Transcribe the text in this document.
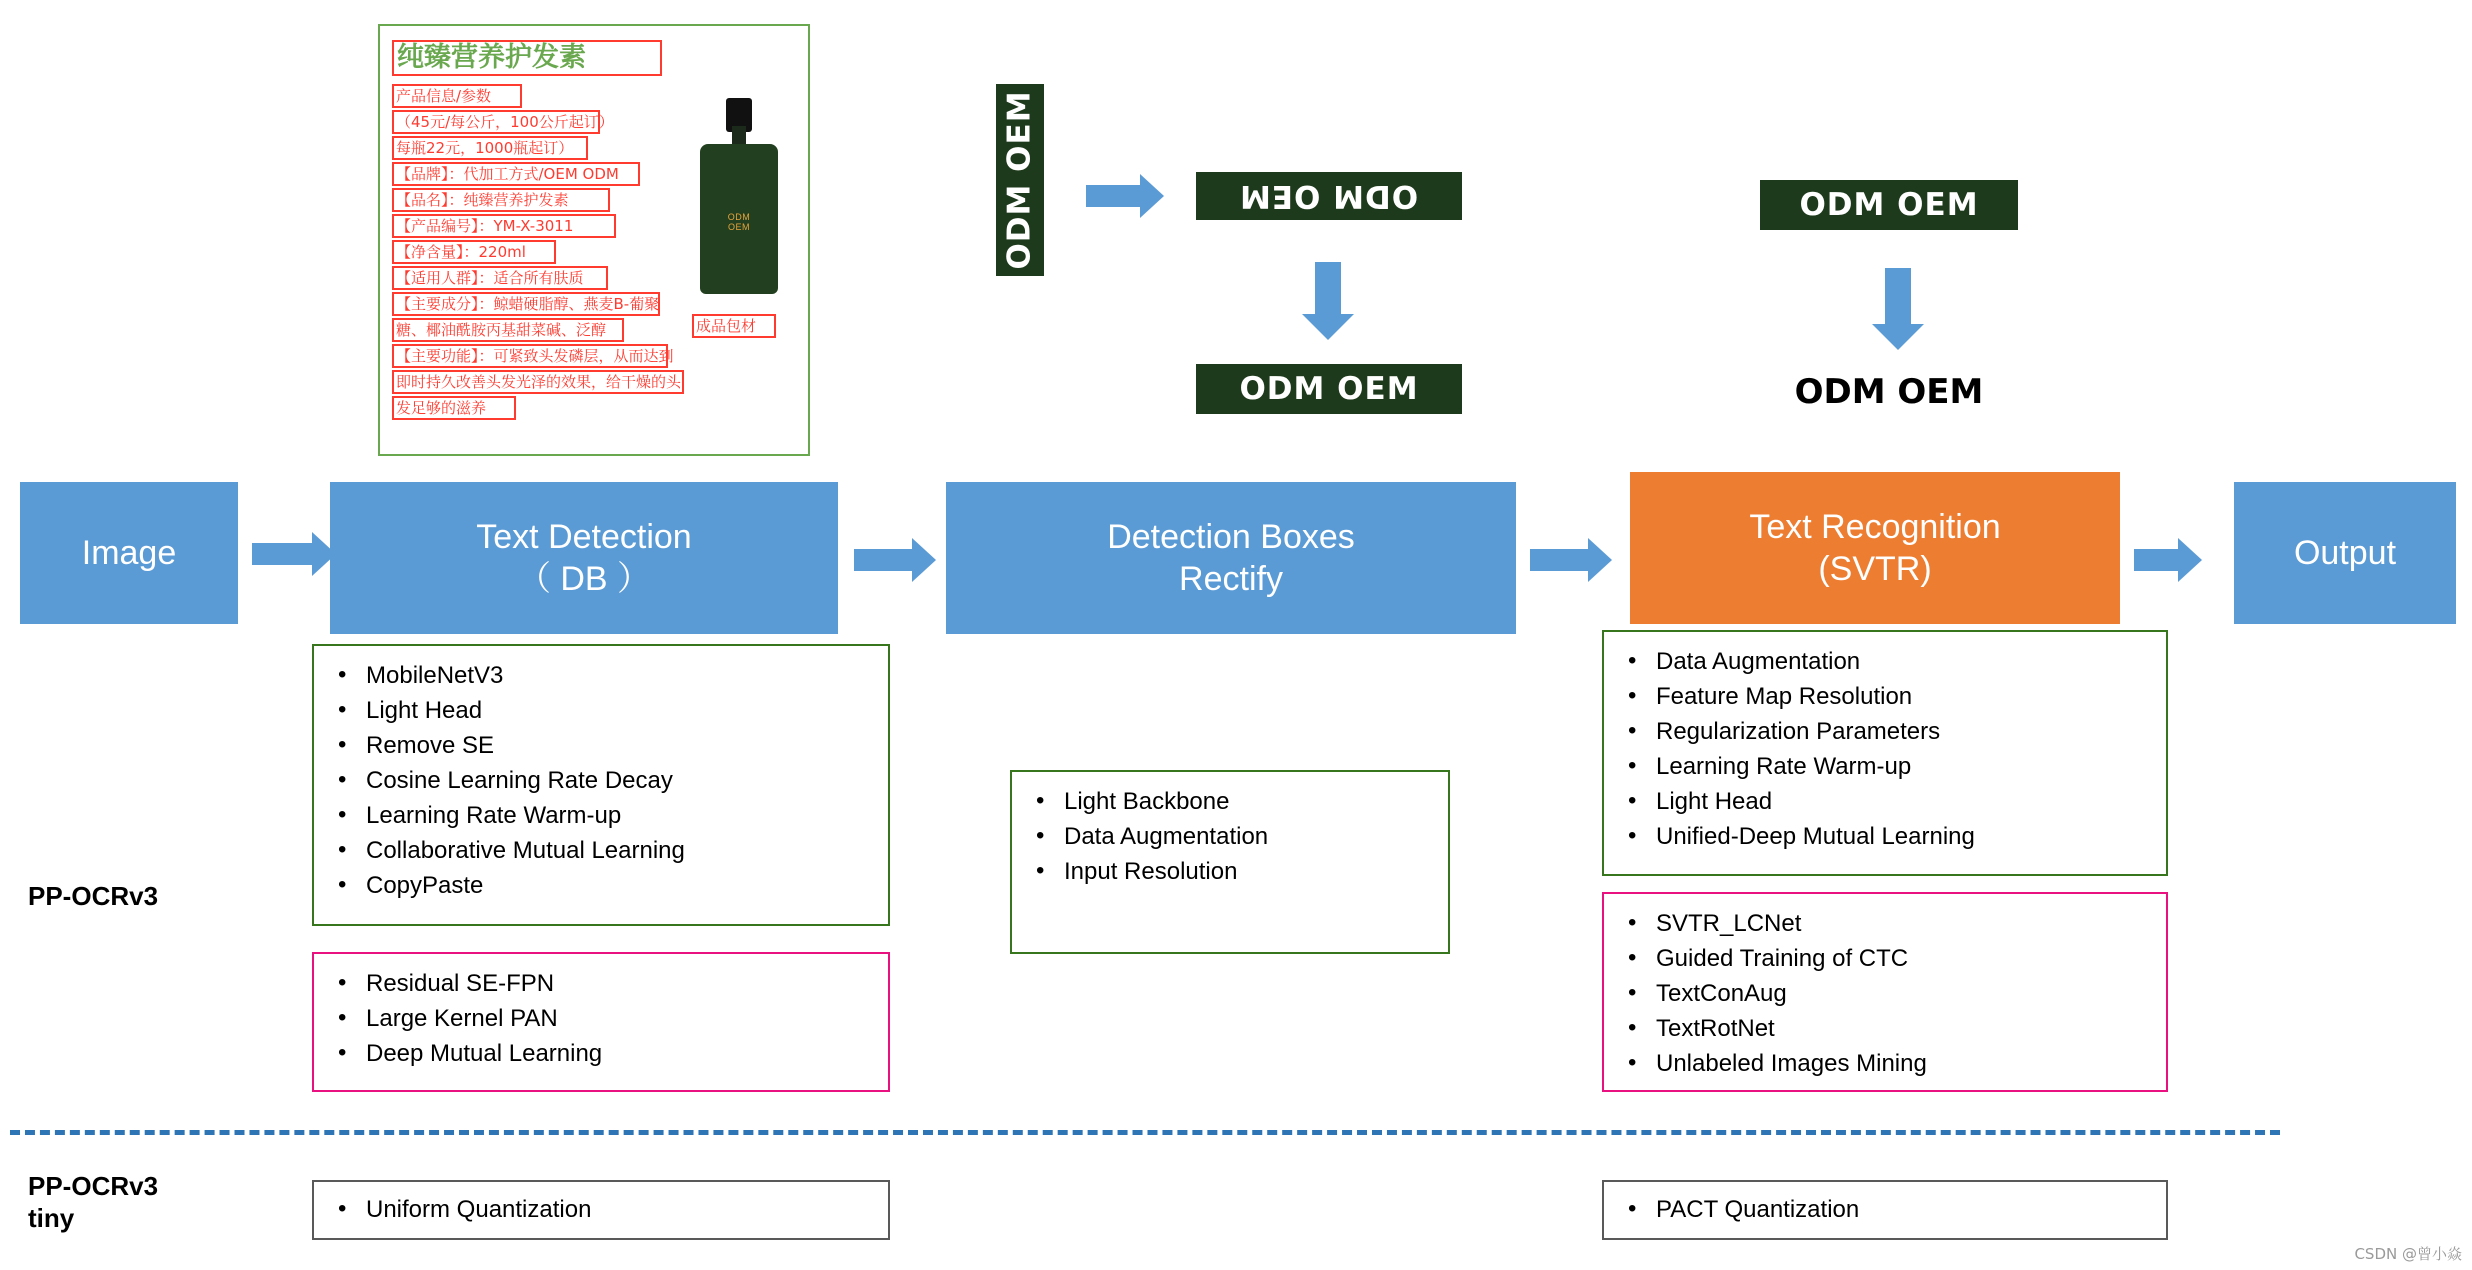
纯臻营养护发素
产品信息/参数
（45元/每公斤，100公斤起订）
每瓶22元，1000瓶起订）
【品牌】：代加工方式/OEM ODM
【品名】：纯臻营养护发素
【产品编号】：YM-X-3011
【净含量】：220ml
【适用人群】：适合所有肤质
【主要成分】：鲸蜡硬脂醇、燕麦B-葡聚
糖、椰油酰胺丙基甜菜碱、泛醇
【主要功能】：可紧致头发磷层，从而达到
即时持久改善头发光泽的效果，给干燥的头
发足够的滋养
成品包材
ODM OEM	ODM OEM	ODM OEM
ODM OEM
ODM OEM
ODM OEM
Image	Text Detection
（ DB ）
Detection Boxes
Rectify
Text Recognition
(SVTR)	Output
PP-OCRv3
PP-OCRv3
tiny
• MobileNetV3
• Light Head
• Remove SE
• Cosine Learning Rate Decay
• Learning Rate Warm-up
• Collaborative Mutual Learning
• CopyPaste
• Residual SE-FPN
• Large Kernel PAN
• Deep Mutual Learning
• Light Backbone
• Data Augmentation
• Input Resolution
• Data Augmentation
• Feature Map Resolution
• Regularization Parameters
• Learning Rate Warm-up
• Light Head
• Unified-Deep Mutual Learning
• SVTR_LCNet
• Guided Training of CTC
• TextConAug
• TextRotNet
• Unlabeled Images Mining
• Uniform Quantization	• PACT Quantization
CSDN @曾小焱
